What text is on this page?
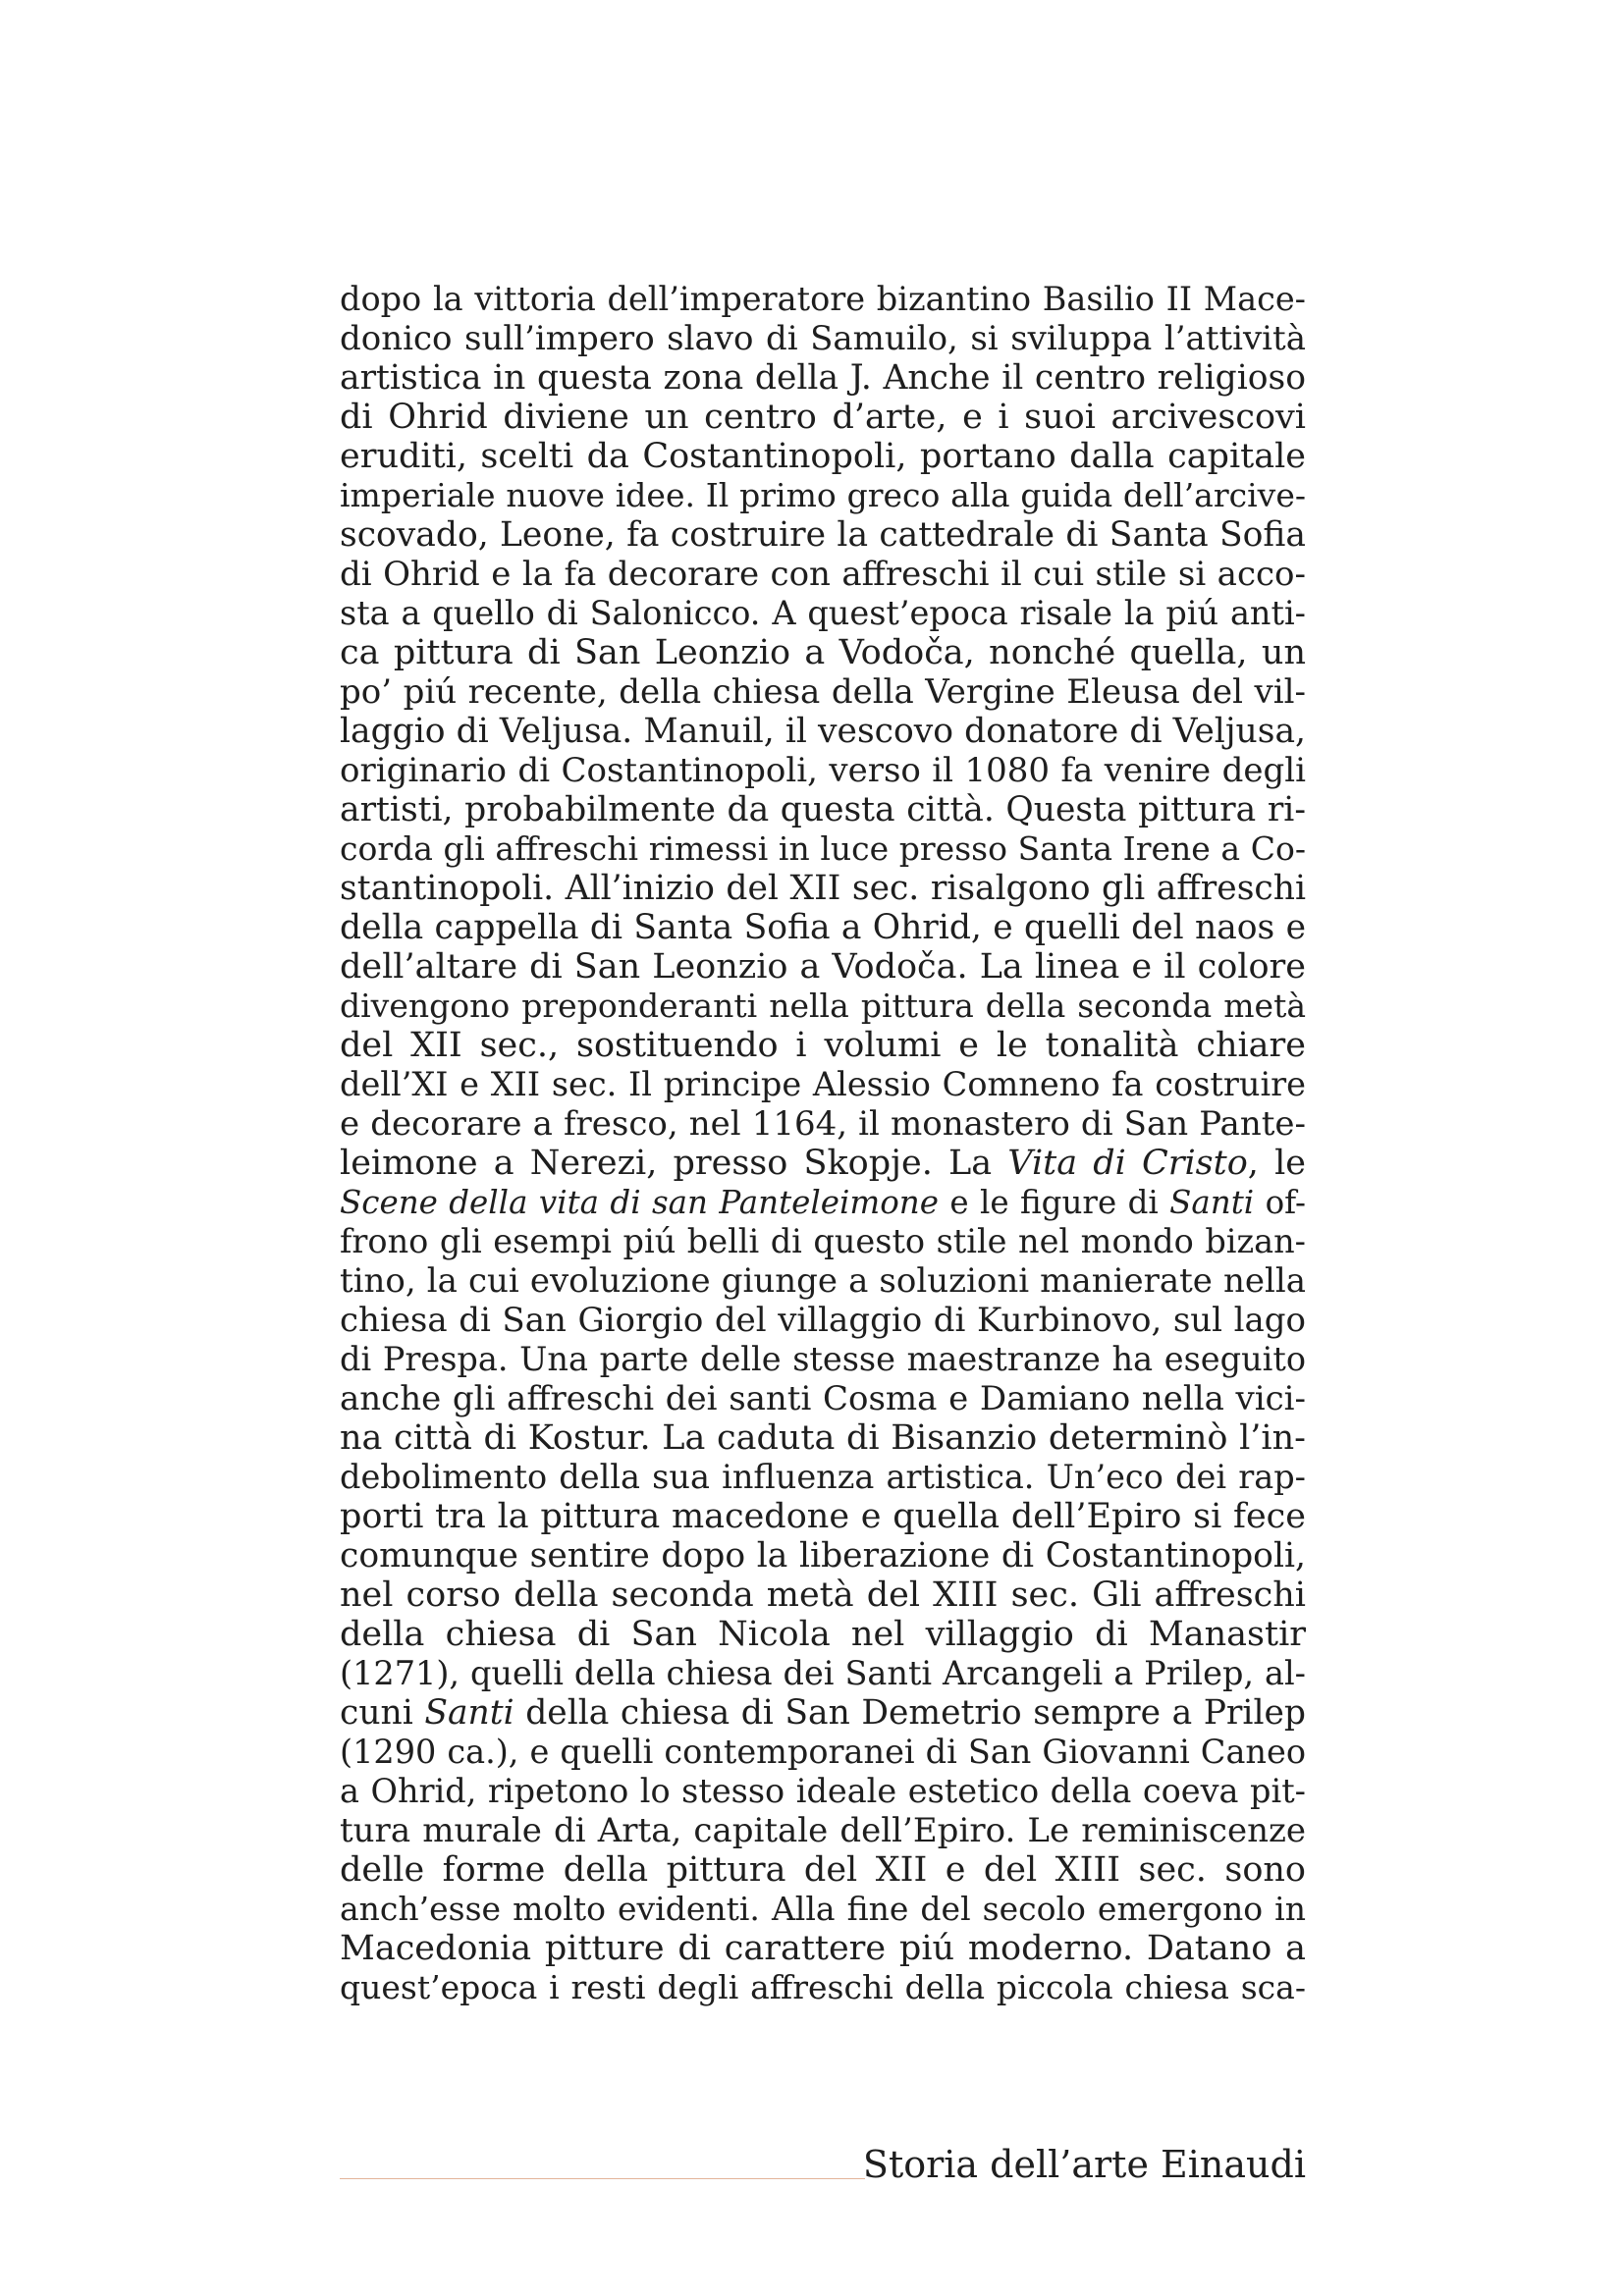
dopo la vittoria dell’imperatore bizantino Basilio II Mace-
donico sull’impero slavo di Samuilo, si sviluppa l’attività
artistica in questa zona della J. Anche il centro religioso
di Ohrid diviene un centro d’arte, e i suoi arcivescovi
eruditi, scelti da Costantinopoli, portano dalla capitale
imperiale nuove idee. Il primo greco alla guida dell’arcive-
scovado, Leone, fa costruire la cattedrale di Santa Sofia
di Ohrid e la fa decorare con affreschi il cui stile si acco-
sta a quello di Salonicco. A quest’epoca risale la piú anti-
ca pittura di San Leonzio a Vodoča, nonché quella, un
po’ piú recente, della chiesa della Vergine Eleusa del vil-
laggio di Veljusa. Manuil, il vescovo donatore di Veljusa,
originario di Costantinopoli, verso il 1080 fa venire degli
artisti, probabilmente da questa città. Questa pittura ri-
corda gli affreschi rimessi in luce presso Santa Irene a Co-
stantinopoli. All’inizio del XII sec. risalgono gli affreschi
della cappella di Santa Sofia a Ohrid, e quelli del naos e
dell’altare di San Leonzio a Vodoča. La linea e il colore
divengono preponderanti nella pittura della seconda metà
del XII sec., sostituendo i volumi e le tonalità chiare
dell’XI e XII sec. Il principe Alessio Comneno fa costruire
e decorare a fresco, nel 1164, il monastero di San Pante-
leimone a Nerezi, presso Skopje. La Vita di Cristo, le
Scene della vita di san Panteleimone e le figure di Santi of-
frono gli esempi piú belli di questo stile nel mondo bizan-
tino, la cui evoluzione giunge a soluzioni manierate nella
chiesa di San Giorgio del villaggio di Kurbinovo, sul lago
di Prespa. Una parte delle stesse maestranze ha eseguito
anche gli affreschi dei santi Cosma e Damiano nella vici-
na città di Kostur. La caduta di Bisanzio determinò l’in-
debolimento della sua influenza artistica. Un’eco dei rap-
porti tra la pittura macedone e quella dell’Epiro si fece
comunque sentire dopo la liberazione di Costantinopoli,
nel corso della seconda metà del XIII sec. Gli affreschi
della chiesa di San Nicola nel villaggio di Manastir
(1271), quelli della chiesa dei Santi Arcangeli a Prilep, al-
cuni Santi della chiesa di San Demetrio sempre a Prilep
(1290 ca.), e quelli contemporanei di San Giovanni Caneo
a Ohrid, ripetono lo stesso ideale estetico della coeva pit-
tura murale di Arta, capitale dell’Epiro. Le reminiscenze
delle forme della pittura del XII e del XIII sec. sono
anch’esse molto evidenti. Alla fine del secolo emergono in
Macedonia pitture di carattere piú moderno. Datano a
quest’epoca i resti degli affreschi della piccola chiesa sca-
Storia dell’arte Einaudi
